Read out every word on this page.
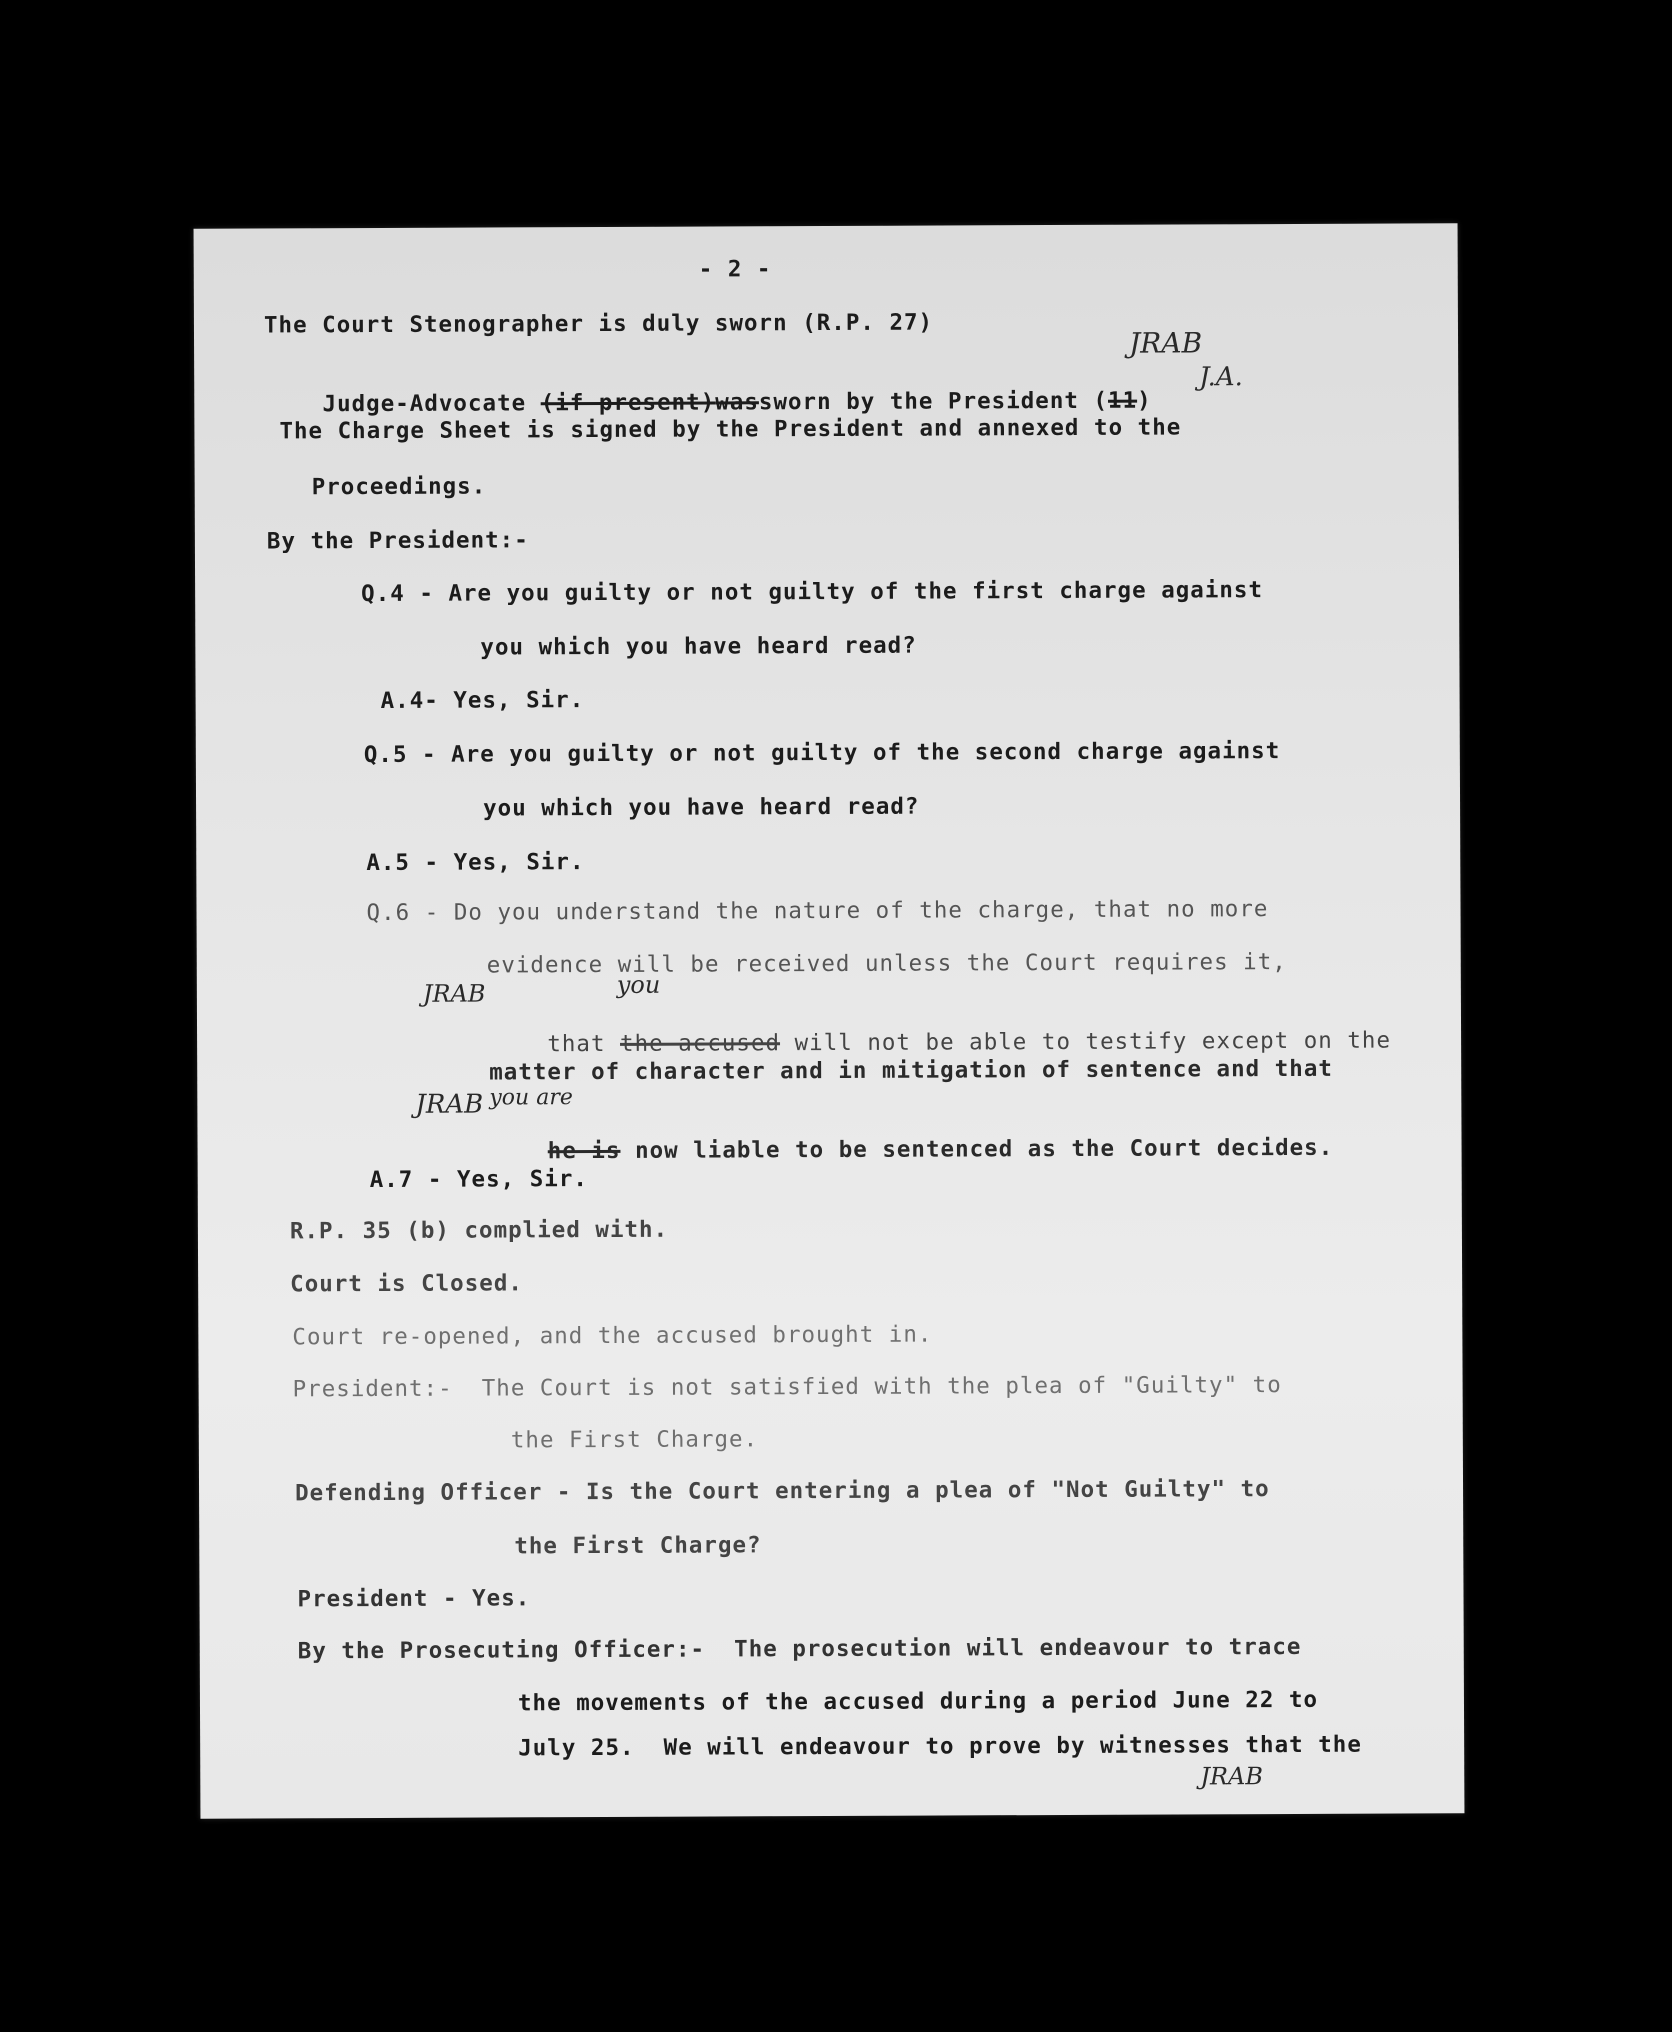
- 2 -
The Court Stenographer is duly sworn (R.P. 27)

Judge-Advocate (if present)wassworn by the President (11)

JRAB
J.A.
The Charge Sheet is signed by the President and annexed to the
Proceedings.
By the President:-
Q.4 - Are you guilty or not guilty of the first charge against
you which you have heard read?
A.4- Yes, Sir.
Q.5 - Are you guilty or not guilty of the second charge against
you which you have heard read?
A.5 - Yes, Sir.
Q.6 - Do you understand the nature of the charge, that no more
evidence will be received unless the Court requires it,

that the accused will not be able to testify except on the

JRAB	you
matter of character and in mitigation of sentence and that

he is now liable to be sentenced as the Court decides.

JRAB you are
A.7 - Yes, Sir.
R.P. 35 (b) complied with.
Court is Closed.
Court re-opened, and the accused brought in.
President:-  The Court is not satisfied with the plea of "Guilty" to
the First Charge.
Defending Officer - Is the Court entering a plea of "Not Guilty" to
the First Charge?
President - Yes.
By the Prosecuting Officer:-  The prosecution will endeavour to trace
the movements of the accused during a period June 22 to
July 25.  We will endeavour to prove by witnesses that the
JRAB
